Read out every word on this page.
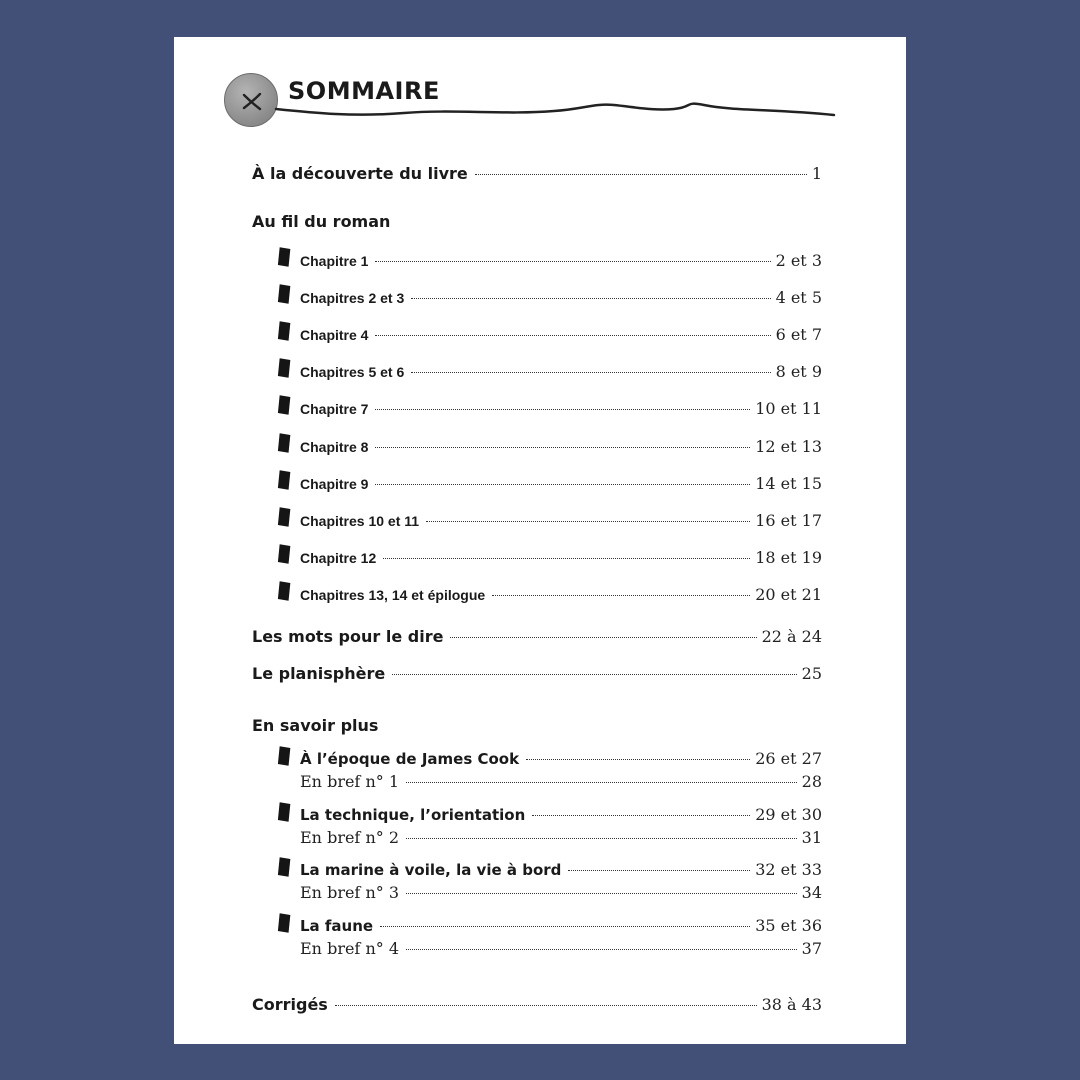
SOMMAIRE
À la découverte du livre	1
Au fil du roman
Chapitre 1	2 et 3
Chapitres 2 et 3	4 et 5
Chapitre 4	6 et 7
Chapitres 5 et 6	8 et 9
Chapitre 7	10 et 11
Chapitre 8	12 et 13
Chapitre 9	14 et 15
Chapitres 10 et 11	16 et 17
Chapitre 12	18 et 19
Chapitres 13, 14 et épilogue	20 et 21
Les mots pour le dire	22 à 24
Le planisphère	25
En savoir plus
À l’époque de James Cook	26 et 27
En bref n° 1	28
La technique, l’orientation	29 et 30
En bref n° 2	31
La marine à voile, la vie à bord	32 et 33
En bref n° 3	34
La faune	35 et 36
En bref n° 4	37
Corrigés	38 à 43
